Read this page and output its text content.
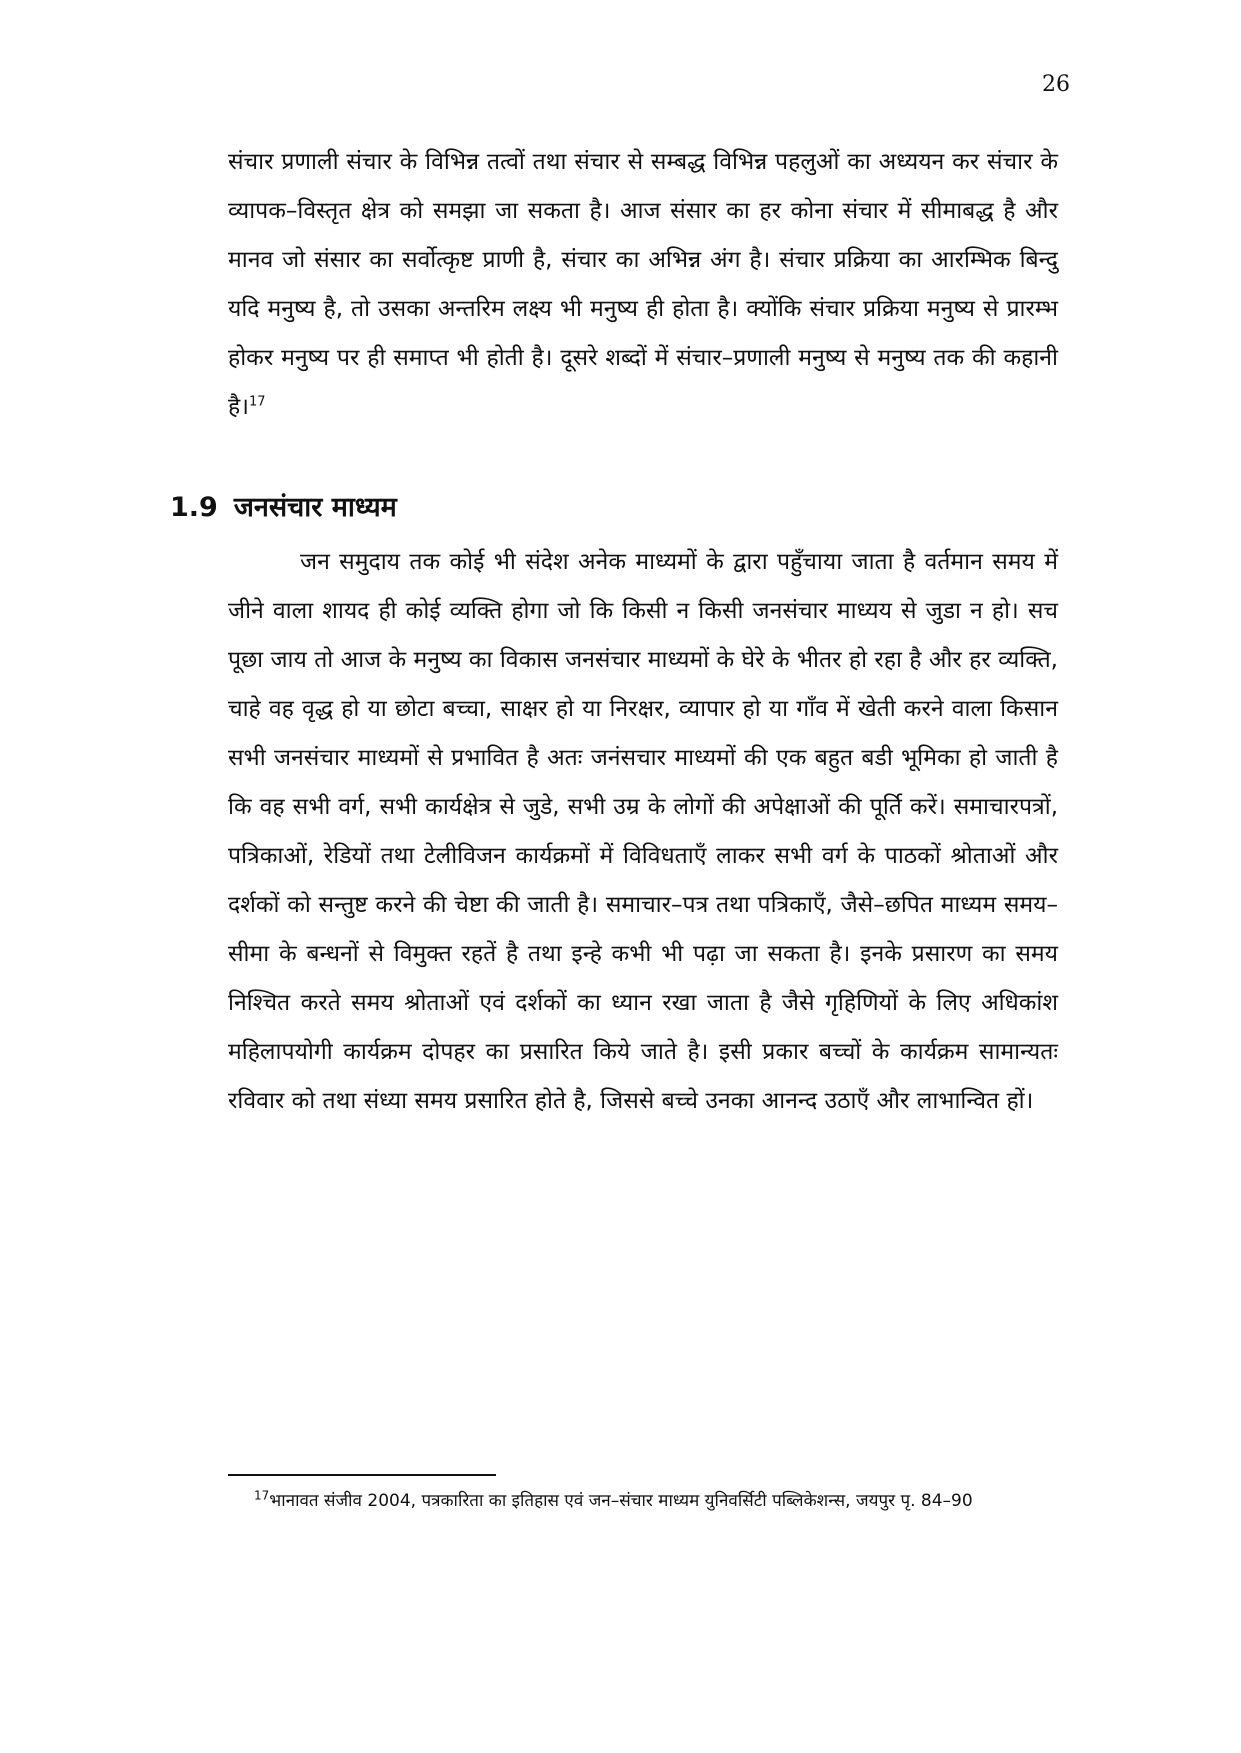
26

संचार प्रणाली संचार के विभिन्न तत्वों तथा संचार से सम्बद्ध विभिन्न पहलुओं का अध्ययन कर संचार के व्यापक–विस्तृत क्षेत्र को समझा जा सकता है। आज संसार का हर कोना संचार में सीमाबद्ध है और मानव जो संसार का सर्वोत्कृष्ट प्राणी है, संचार का अभिन्न अंग है। संचार प्रक्रिया का आरम्भिक बिन्दु यदि मनुष्य है, तो उसका अन्तरिम लक्ष्य भी मनुष्य ही होता है। क्योंकि संचार प्रक्रिया मनुष्य से प्रारम्भ होकर मनुष्य पर ही समाप्त भी होती है। दूसरे शब्दों में संचार–प्रणाली मनुष्य से मनुष्य तक की कहानी है।$^{17}$

1.9 जनसंचार माध्यम

जन समुदाय तक कोई भी संदेश अनेक माध्यमों के द्वारा पहुँचाया जाता है वर्तमान समय में जीने वाला शायद ही कोई व्यक्ति होगा जो कि किसी न किसी जनसंचार माध्यय से जुडा न हो। सच पूछा जाय तो आज के मनुष्य का विकास जनसंचार माध्यमों के घेरे के भीतर हो रहा है और हर व्यक्ति, चाहे वह वृद्ध हो या छोटा बच्चा, साक्षर हो या निरक्षर, व्यापार हो या गाँव में खेती करने वाला किसान सभी जनसंचार माध्यमों से प्रभावित है अतः जनंसचार माध्यमों की एक बहुत बडी भूमिका हो जाती है कि वह सभी वर्ग, सभी कार्यक्षेत्र से जुडे, सभी उम्र के लोगों की अपेक्षाओं की पूर्ति करें। समाचारपत्रों, पत्रिकाओं, रेडियों तथा टेलीविजन कार्यक्रमों में विविधताएँ लाकर सभी वर्ग के पाठकों श्रोताओं और दर्शकों को सन्तुष्ट करने की चेष्टा की जाती है। समाचार–पत्र तथा पत्रिकाएँ, जैसे–छपित माध्यम समय–सीमा के बन्धनों से विमुक्त रहतें है तथा इन्हे कभी भी पढ़ा जा सकता है। इनके प्रसारण का समय निश्चित करते समय श्रोताओं एवं दर्शकों का ध्यान रखा जाता है जैसे गृहिणियों के लिए अधिकांश महिलापयोगी कार्यक्रम दोपहर का प्रसारित किये जाते है। इसी प्रकार बच्चों के कार्यक्रम सामान्यतः रविवार को तथा संध्या समय प्रसारित होते है, जिससे बच्चे उनका आनन्द उठाएँ और लाभान्वित हों।

$^{17}$भानावत संजीव 2004, पत्रकारिता का इतिहास एवं जन–संचार माध्यम युनिवर्सिटी पब्लिकेशन्स, जयपुर पृ. 84–90
